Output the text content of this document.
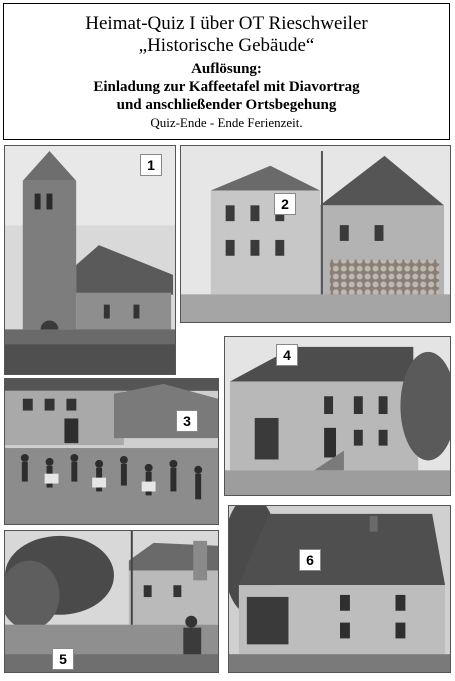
Heimat-Quiz I über OT Rieschweiler
„Historische Gebäude“
Auflösung:
Einladung zur Kaffeetafel mit Diavortrag
und anschließender Ortsbegehung
Quiz-Ende - Ende Ferienzeit.
1
2
3
4
5
6
